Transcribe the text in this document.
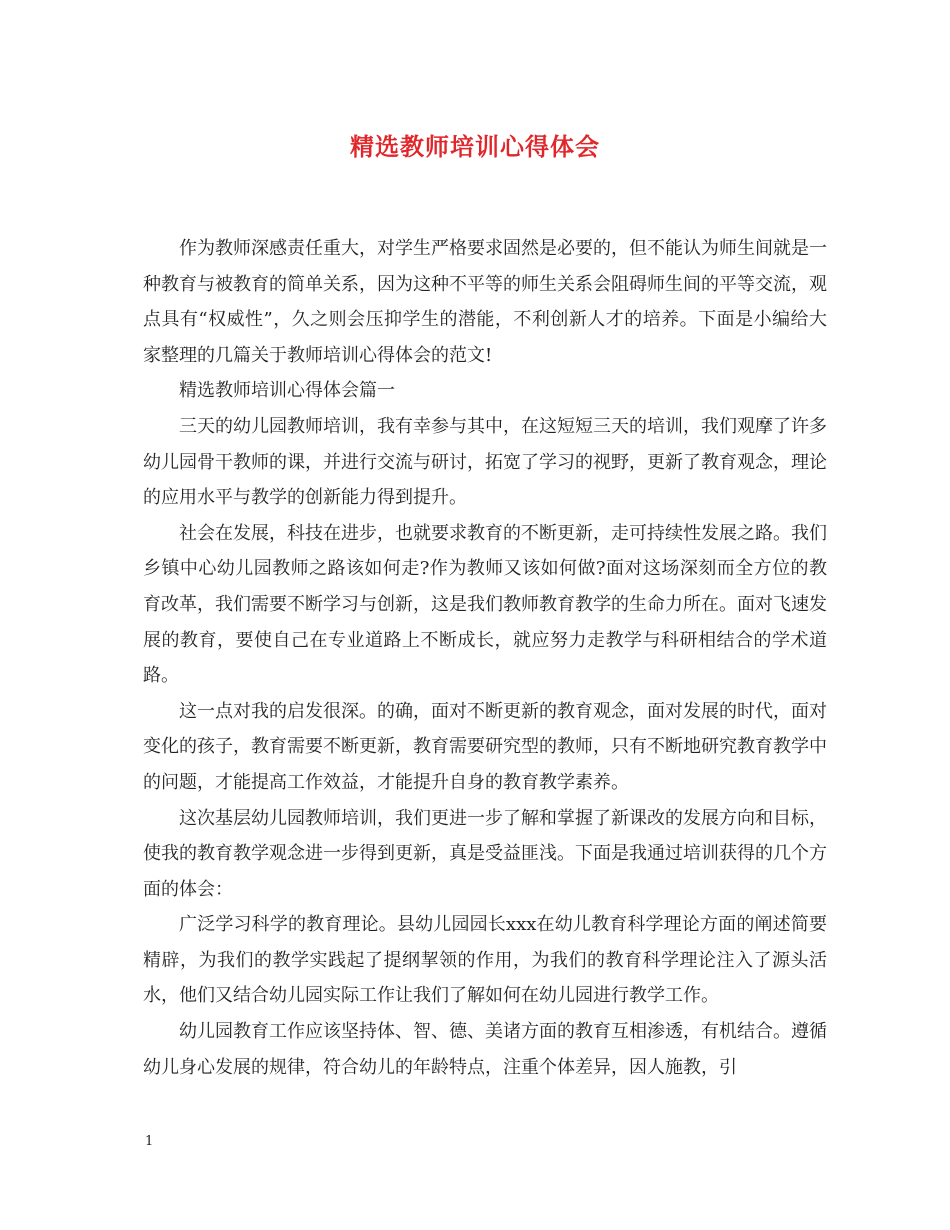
精选教师培训心得体会

作为教师深感责任重大，对学生严格要求固然是必要的，但不能认为师生间就是一种教育与被教育的简单关系，因为这种不平等的师生关系会阻碍师生间的平等交流，观点具有“权威性”，久之则会压抑学生的潜能，不利创新人才的培养。下面是小编给大家整理的几篇关于教师培训心得体会的范文!

精选教师培训心得体会篇一

三天的幼儿园教师培训，我有幸参与其中，在这短短三天的培训，我们观摩了许多幼儿园骨干教师的课，并进行交流与研讨，拓宽了学习的视野，更新了教育观念，理论的应用水平与教学的创新能力得到提升。

社会在发展，科技在进步，也就要求教育的不断更新，走可持续性发展之路。我们乡镇中心幼儿园教师之路该如何走?作为教师又该如何做?面对这场深刻而全方位的教育改革，我们需要不断学习与创新，这是我们教师教育教学的生命力所在。面对飞速发展的教育，要使自己在专业道路上不断成长，就应努力走教学与科研相结合的学术道路。

这一点对我的启发很深。的确，面对不断更新的教育观念，面对发展的时代，面对变化的孩子，教育需要不断更新，教育需要研究型的教师，只有不断地研究教育教学中的问题，才能提高工作效益，才能提升自身的教育教学素养。

这次基层幼儿园教师培训，我们更进一步了解和掌握了新课改的发展方向和目标，使我的教育教学观念进一步得到更新，真是受益匪浅。下面是我通过培训获得的几个方面的体会：

广泛学习科学的教育理论。县幼儿园园长xxx在幼儿教育科学理论方面的阐述简要精辟，为我们的教学实践起了提纲挈领的作用，为我们的教育科学理论注入了源头活水，他们又结合幼儿园实际工作让我们了解如何在幼儿园进行教学工作。

幼儿园教育工作应该坚持体、智、德、美诸方面的教育互相渗透，有机结合。遵循幼儿身心发展的规律，符合幼儿的年龄特点，注重个体差异，因人施教，引

1
